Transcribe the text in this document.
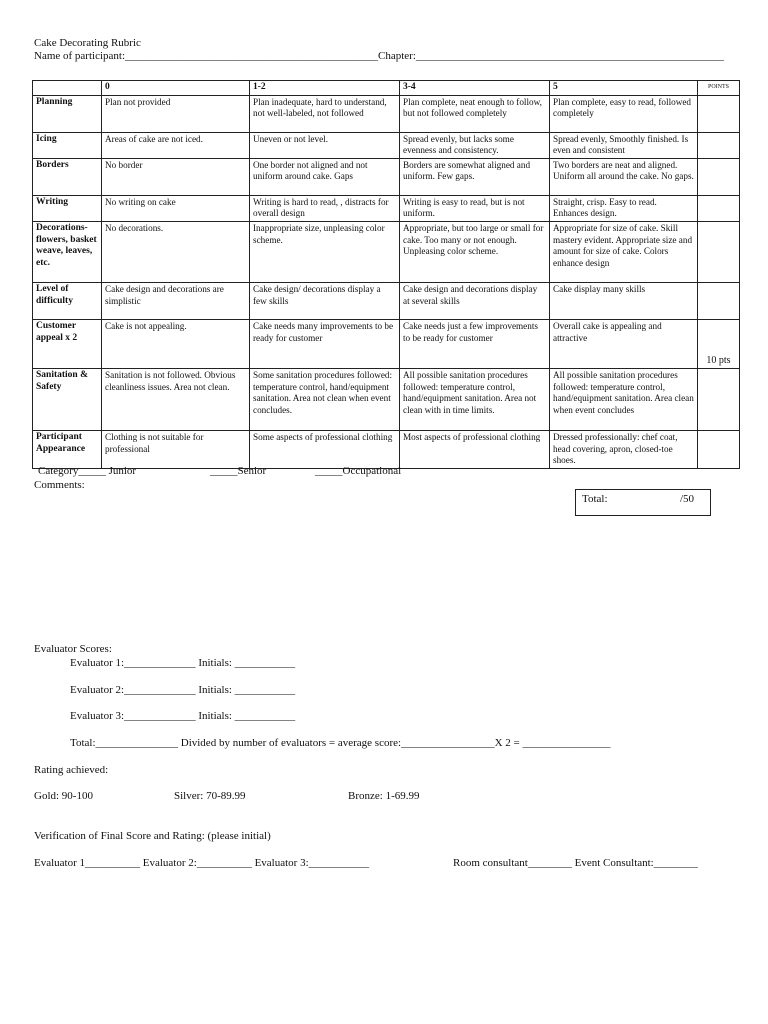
Cake Decorating Rubric
Name of participant:______________________________________________Chapter:________________________________________________________
	0	1-2	3-4	5	POINTS
Planning	Plan not provided	Plan inadequate, hard to understand, not well-labeled, not followed	Plan complete, neat enough to follow, but not followed completely	Plan complete, easy to read, followed completely	
Icing	Areas of cake are not iced.	Uneven or not level.	Spread evenly, but lacks some evenness and consistency.	Spread evenly, Smoothly finished. Is even and consistent	
Borders	No border	One border not aligned and not uniform around cake. Gaps	Borders are somewhat aligned and uniform. Few gaps.	Two borders are neat and aligned. Uniform all around the cake. No gaps.	
Writing	No writing on cake	Writing is hard to read, , distracts for overall design	Writing is easy to read, but is not uniform.	Straight, crisp. Easy to read. Enhances design.	
Decorations-flowers, basket weave, leaves, etc.	No decorations.	Inappropriate size, unpleasing color scheme.	Appropriate, but too large or small for cake. Too many or not enough. Unpleasing color scheme.	Appropriate for size of cake. Skill mastery evident. Appropriate size and amount for size of cake. Colors enhance design	
Level of difficulty	Cake design and decorations are simplistic	Cake design/ decorations display a few skills	Cake design and decorations display at several skills	Cake display many skills	
Customer appeal x 2	Cake is not appealing.	Cake needs many improvements to be ready for customer	Cake needs just a few improvements to be ready for customer	Overall cake is appealing and attractive	10 pts
Sanitation & Safety	Sanitation is not followed. Obvious cleanliness issues. Area not clean.	Some sanitation procedures followed: temperature control, hand/equipment sanitation. Area not clean when event concludes.	All possible sanitation procedures followed: temperature control, hand/equipment sanitation. Area not clean with in time limits.	All possible sanitation procedures followed: temperature control, hand/equipment sanitation. Area clean when event concludes	
Participant Appearance	Clothing is not suitable for professional	Some aspects of professional clothing	Most aspects of professional clothing	Dressed professionally: chef coat, head covering, apron, closed-toe shoes.	
Category_____ Junior	_____Senior	_____Occupational
Comments:
Total:	/50
Evaluator Scores:
Evaluator 1:_____________ Initials: ___________
Evaluator 2:_____________ Initials: ___________
Evaluator 3:_____________ Initials: ___________
Total:_______________ Divided by number of evaluators = average score:_________________X 2 = ________________
Rating achieved:
Gold: 90-100	Silver: 70-89.99	Bronze: 1-69.99
Verification of Final Score and Rating: (please initial)
Evaluator 1__________ Evaluator 2:__________ Evaluator 3:___________	Room consultant________ Event Consultant:________
